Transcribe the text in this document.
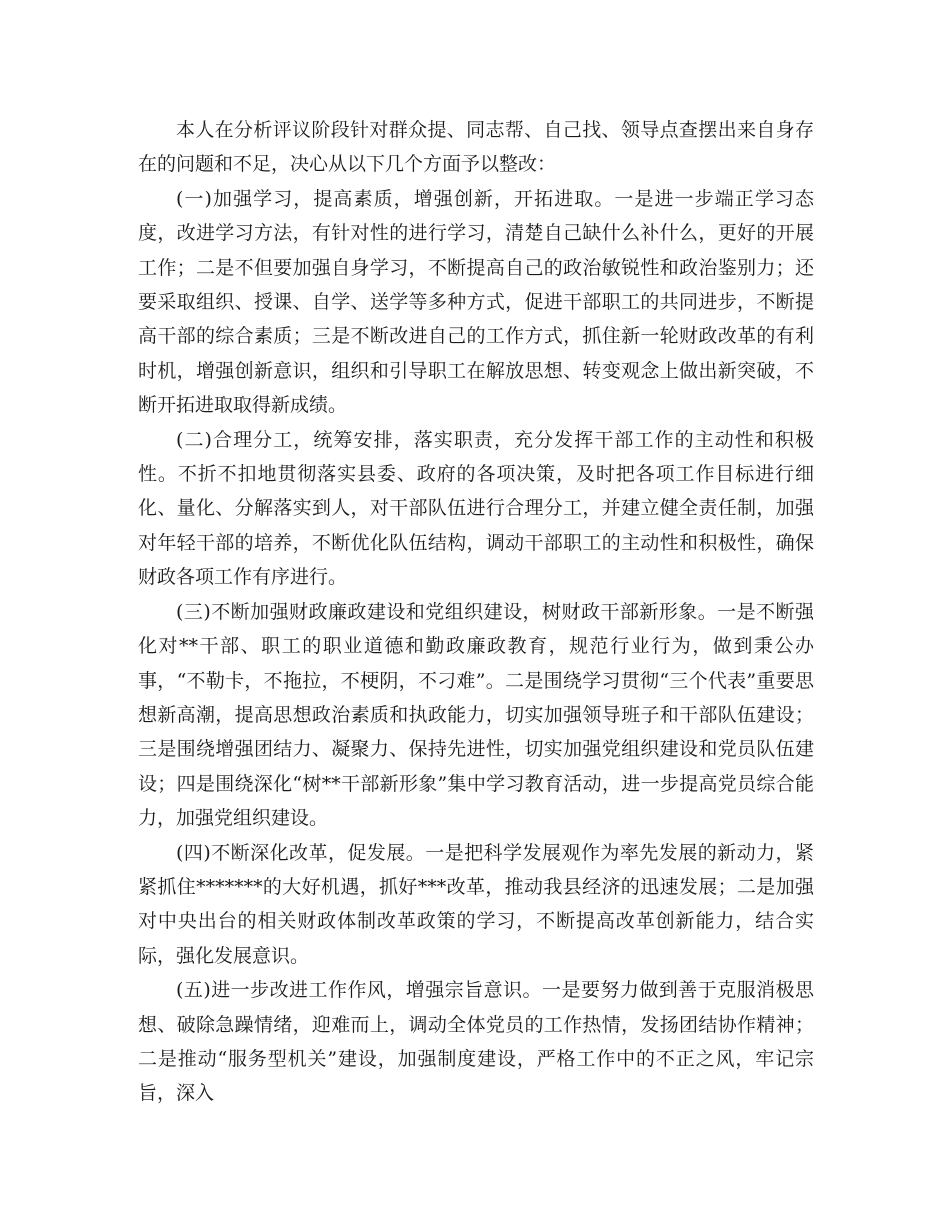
本人在分析评议阶段针对群众提、同志帮、自己找、领导点查摆出来自身存在的问题和不足，决心从以下几个方面予以整改：

(一)加强学习，提高素质，增强创新，开拓进取。一是进一步端正学习态度，改进学习方法，有针对性的进行学习，清楚自己缺什么补什么，更好的开展工作；二是不但要加强自身学习，不断提高自己的政治敏锐性和政治鉴别力；还要采取组织、授课、自学、送学等多种方式，促进干部职工的共同进步，不断提高干部的综合素质；三是不断改进自己的工作方式，抓住新一轮财政改革的有利时机，增强创新意识，组织和引导职工在解放思想、转变观念上做出新突破，不断开拓进取取得新成绩。

(二)合理分工，统筹安排，落实职责，充分发挥干部工作的主动性和积极性。不折不扣地贯彻落实县委、政府的各项决策，及时把各项工作目标进行细化、量化、分解落实到人，对干部队伍进行合理分工，并建立健全责任制，加强对年轻干部的培养，不断优化队伍结构，调动干部职工的主动性和积极性，确保财政各项工作有序进行。

(三)不断加强财政廉政建设和党组织建设，树财政干部新形象。一是不断强化对**干部、职工的职业道德和勤政廉政教育，规范行业行为，做到秉公办事，“不勒卡，不拖拉，不梗阴，不刁难”。二是围绕学习贯彻“三个代表”重要思想新高潮，提高思想政治素质和执政能力，切实加强领导班子和干部队伍建设；三是围绕增强团结力、凝聚力、保持先进性，切实加强党组织建设和党员队伍建设；四是围绕深化“树**干部新形象”集中学习教育活动，进一步提高党员综合能力，加强党组织建设。

(四)不断深化改革，促发展。一是把科学发展观作为率先发展的新动力，紧紧抓住*******的大好机遇，抓好***改革，推动我县经济的迅速发展；二是加强对中央出台的相关财政体制改革政策的学习，不断提高改革创新能力，结合实际，强化发展意识。

(五)进一步改进工作作风，增强宗旨意识。一是要努力做到善于克服消极思想、破除急躁情绪，迎难而上，调动全体党员的工作热情，发扬团结协作精神；二是推动“服务型机关”建设，加强制度建设，严格工作中的不正之风，牢记宗旨，深入
